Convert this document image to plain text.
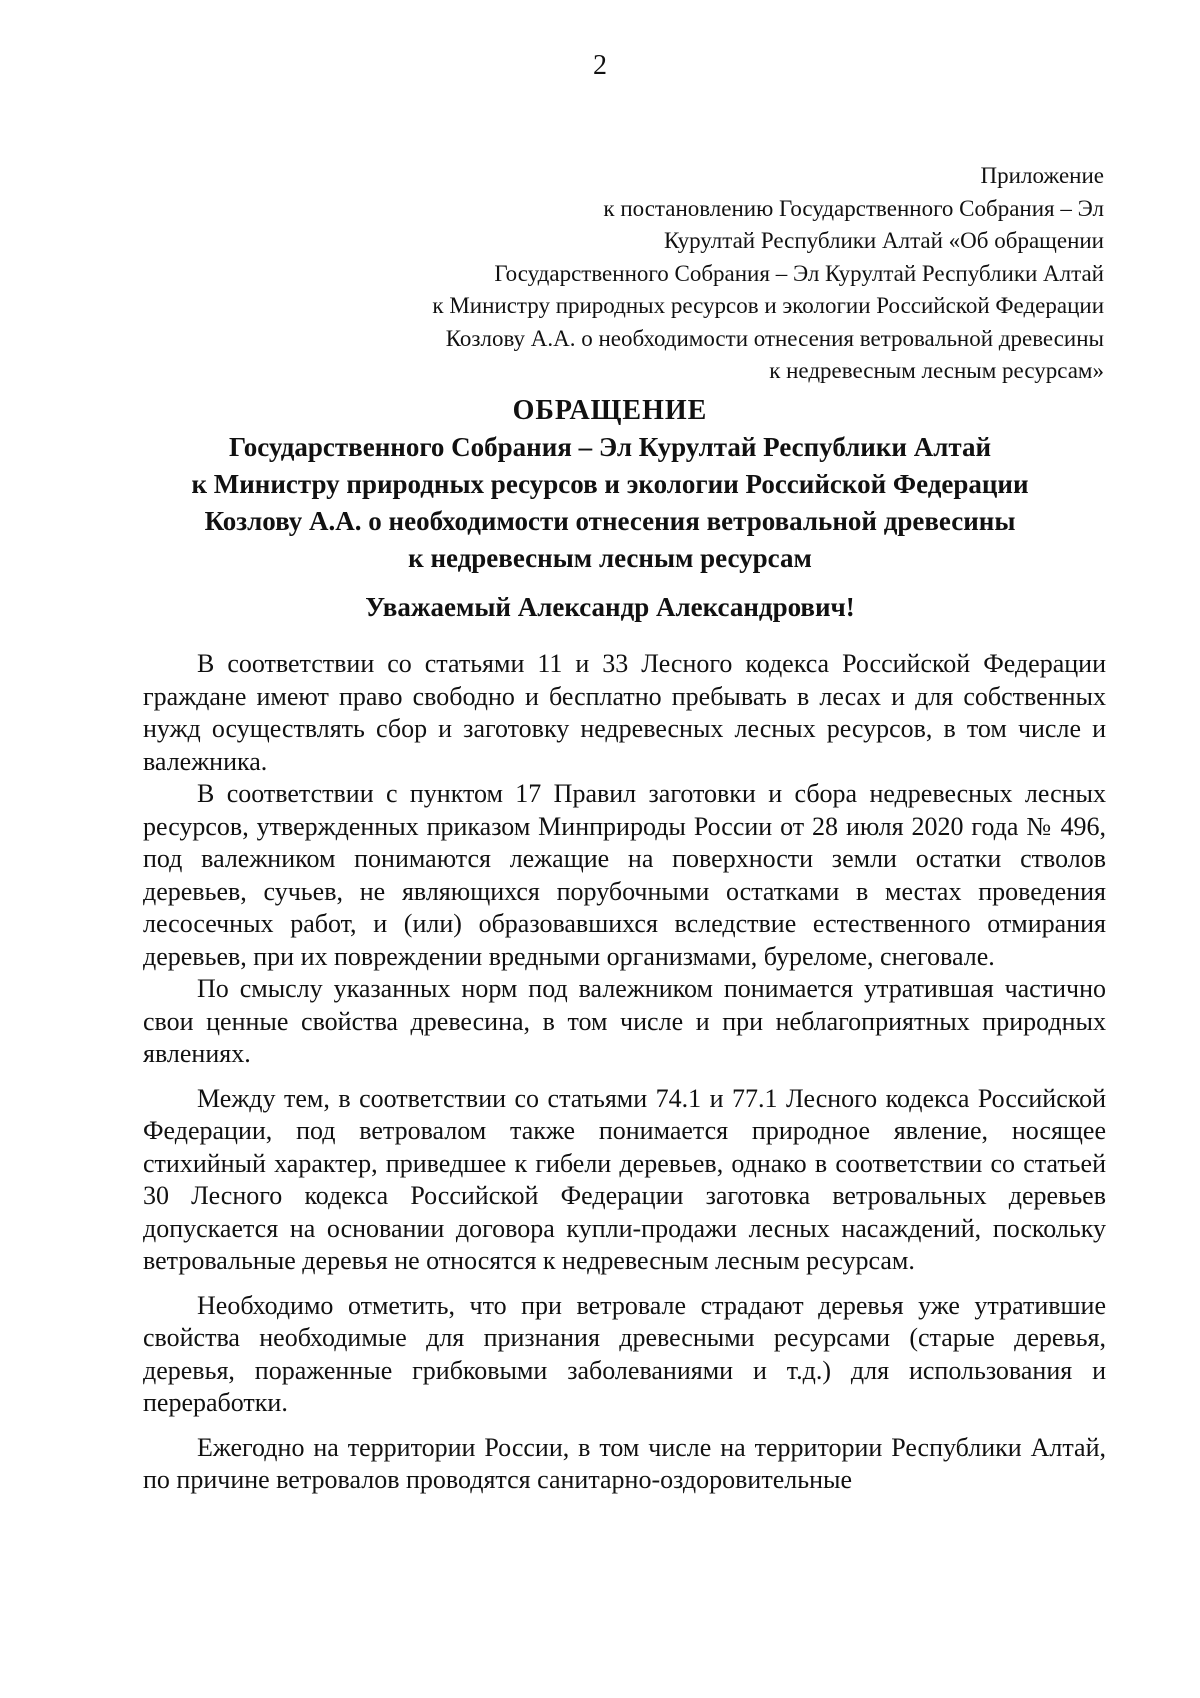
2
Приложение
к постановлению Государственного Собрания – Эл
Курултай Республики Алтай «Об обращении
Государственного Собрания – Эл Курултай Республики Алтай
к Министру природных ресурсов и экологии Российской Федерации
Козлову А.А. о необходимости отнесения ветровальной древесины
к недревесным лесным ресурсам»
ОБРАЩЕНИЕ
Государственного Собрания – Эл Курултай Республики Алтай
к Министру природных ресурсов и экологии Российской Федерации
Козлову А.А. о необходимости отнесения ветровальной древесины
к недревесным лесным ресурсам
Уважаемый Александр Александрович!

В соответствии со статьями 11 и 33 Лесного кодекса Российской Федерации граждане имеют право свободно и бесплатно пребывать в лесах и для собственных нужд осуществлять сбор и заготовку недревесных лесных ресурсов, в том числе и валежника.

В соответствии с пунктом 17 Правил заготовки и сбора недревесных лесных ресурсов, утвержденных приказом Минприроды России от 28 июля 2020 года № 496, под валежником понимаются лежащие на поверхности земли остатки стволов деревьев, сучьев, не являющихся порубочными остатками в местах проведения лесосечных работ, и (или) образовавшихся вследствие естественного отмирания деревьев, при их повреждении вредными организмами, буреломе, снеговале.

По смыслу указанных норм под валежником понимается утратившая частично свои ценные свойства древесина, в том числе и при неблагоприятных природных явлениях.

Между тем, в соответствии со статьями 74.1 и 77.1 Лесного кодекса Российской Федерации, под ветровалом также понимается природное явление, носящее стихийный характер, приведшее к гибели деревьев, однако в соответствии со статьей 30 Лесного кодекса Российской Федерации заготовка ветровальных деревьев допускается на основании договора купли-продажи лесных насаждений, поскольку ветровальные деревья не относятся к недревесным лесным ресурсам.

Необходимо отметить, что при ветровале страдают деревья уже утратившие свойства необходимые для признания древесными ресурсами (старые деревья, деревья, пораженные грибковыми заболеваниями и т.д.) для использования и переработки.

Ежегодно на территории России, в том числе на территории Республики Алтай, по причине ветровалов проводятся санитарно-оздоровительные
